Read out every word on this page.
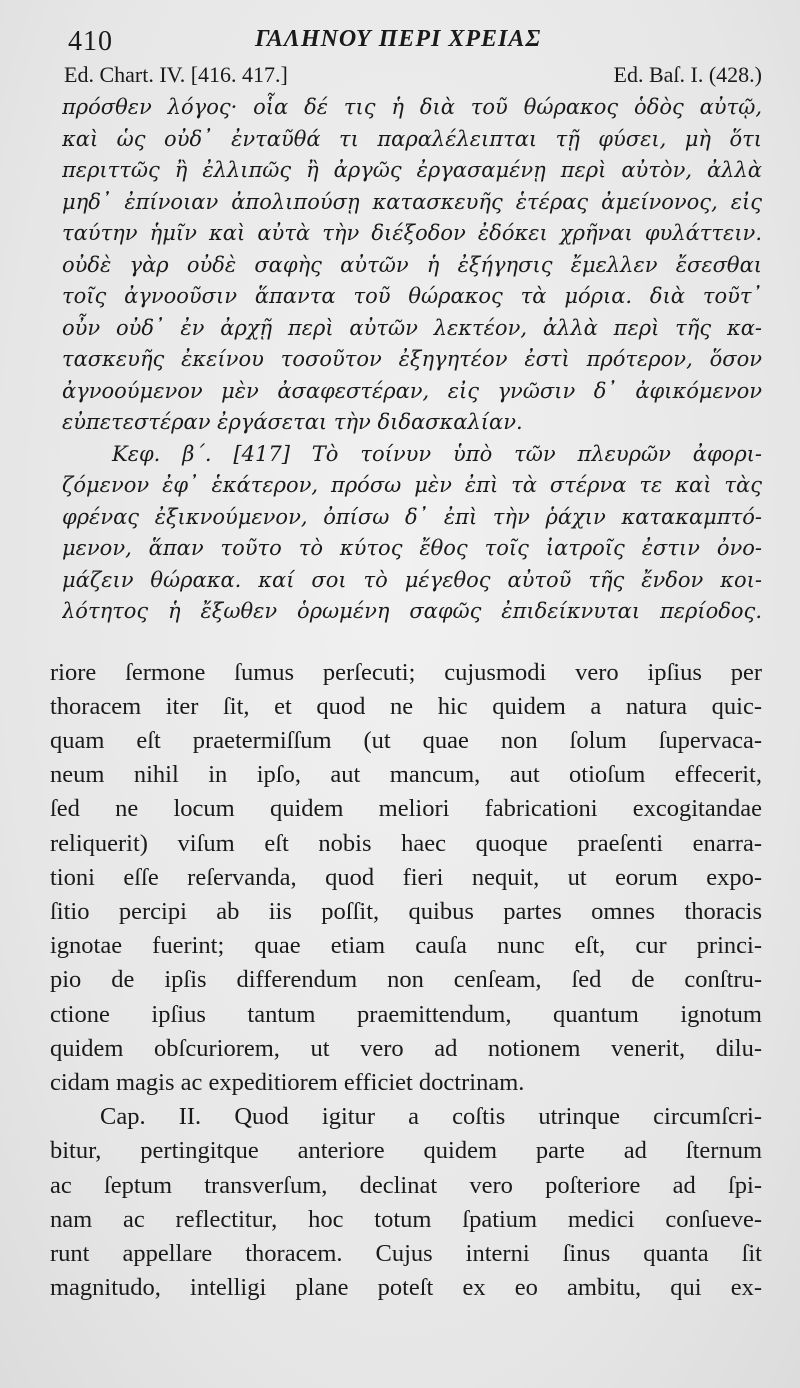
410	ΓΑΛΗΝΟΥ ΠΕΡΙ ΧΡΕΙΑΣ
Ed. Chart. IV. [416. 417.]	Ed. Baſ. I. (428.)
πρόσθεν λόγος· οἷα δέ τις ἡ διὰ τοῦ θώρακος ὁδὸς αὐτῷ,
καὶ ὡς οὐδ᾽ ἐνταῦθά τι παραλέλειπται τῇ φύσει, μὴ ὅτι
περιττῶς ἢ ἐλλιπῶς ἢ ἀργῶς ἐργασαμένῃ περὶ αὐτὸν, ἀλλὰ
μηδ᾽ ἐπίνοιαν ἀπολιπούσῃ κατασκευῆς ἑτέρας ἀμείνονος, εἰς
ταύτην ἡμῖν καὶ αὐτὰ τὴν διέξοδον ἐδόκει χρῆναι φυλάττειν.
οὐδὲ γὰρ οὐδὲ σαφὴς αὐτῶν ἡ ἐξήγησις ἔμελλεν ἔσεσθαι
τοῖς ἀγνοοῦσιν ἅπαντα τοῦ θώρακος τὰ μόρια. διὰ τοῦτ᾽
οὖν οὐδ᾽ ἐν ἀρχῇ περὶ αὐτῶν λεκτέον, ἀλλὰ περὶ τῆς κα-
τασκευῆς ἐκείνου τοσοῦτον ἐξηγητέον ἐστὶ πρότερον, ὅσον
ἀγνοούμενον μὲν ἀσαφεστέραν, εἰς γνῶσιν δ᾽ ἀφικόμενον
εὐπετεστέραν ἐργάσεται τὴν διδασκαλίαν.
Κεφ. β΄. [417] Τὸ τοίνυν ὑπὸ τῶν πλευρῶν ἀφορι-
ζόμενον ἐφ᾽ ἑκάτερον, πρόσω μὲν ἐπὶ τὰ στέρνα τε καὶ τὰς
φρένας ἐξικνούμενον, ὀπίσω δ᾽ ἐπὶ τὴν ῥάχιν κατακαμπτό-
μενον, ἅπαν τοῦτο τὸ κύτος ἔθος τοῖς ἰατροῖς ἐστιν ὀνο-
μάζειν θώρακα. καί σοι τὸ μέγεθος αὐτοῦ τῆς ἔνδον κοι-
λότητος ἡ ἔξωθεν ὁρωμένη σαφῶς ἐπιδείκνυται περίοδος.
riore ſermone ſumus perſecuti; cujusmodi vero ipſius per
thoracem iter ſit, et quod ne hic quidem a natura quic-
quam eſt praetermiſſum (ut quae non ſolum ſupervaca-
neum nihil in ipſo, aut mancum, aut otioſum effecerit,
ſed ne locum quidem meliori fabricationi excogitandae
reliquerit) viſum eſt nobis haec quoque praeſenti enarra-
tioni eſſe reſervanda, quod fieri nequit, ut eorum expo-
ſitio percipi ab iis poſſit, quibus partes omnes thoracis
ignotae fuerint; quae etiam cauſa nunc eſt, cur princi-
pio de ipſis differendum non cenſeam, ſed de conſtru-
ctione ipſius tantum praemittendum, quantum ignotum
quidem obſcuriorem, ut vero ad notionem venerit, dilu-
cidam magis ac expeditiorem efficiet doctrinam.
Cap. II. Quod igitur a coſtis utrinque circumſcri-
bitur, pertingitque anteriore quidem parte ad ſternum
ac ſeptum transverſum, declinat vero poſteriore ad ſpi-
nam ac reflectitur, hoc totum ſpatium medici conſueve-
runt appellare thoracem. Cujus interni ſinus quanta ſit
magnitudo, intelligi plane poteſt ex eo ambitu, qui ex-
